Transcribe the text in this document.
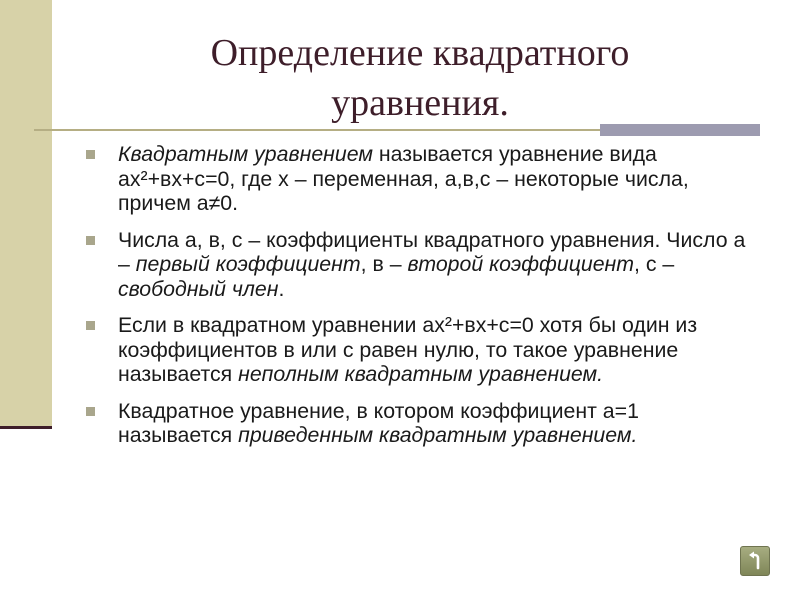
Определение квадратного уравнения.
Квадратным уравнением называется уравнение вида ax²+вx+c=0, где x – переменная, a,в,c – некоторые числа, причем a≠0.
Числа a, в, c – коэффициенты квадратного уравнения. Число a – первый коэффициент, в – второй коэффициент, c – свободный член.
Если в квадратном уравнении ax²+вx+c=0 хотя бы один из коэффициентов в или c равен нулю, то такое уравнение называется неполным квадратным уравнением.
Квадратное уравнение, в котором коэффициент a=1 называется приведенным квадратным уравнением.
